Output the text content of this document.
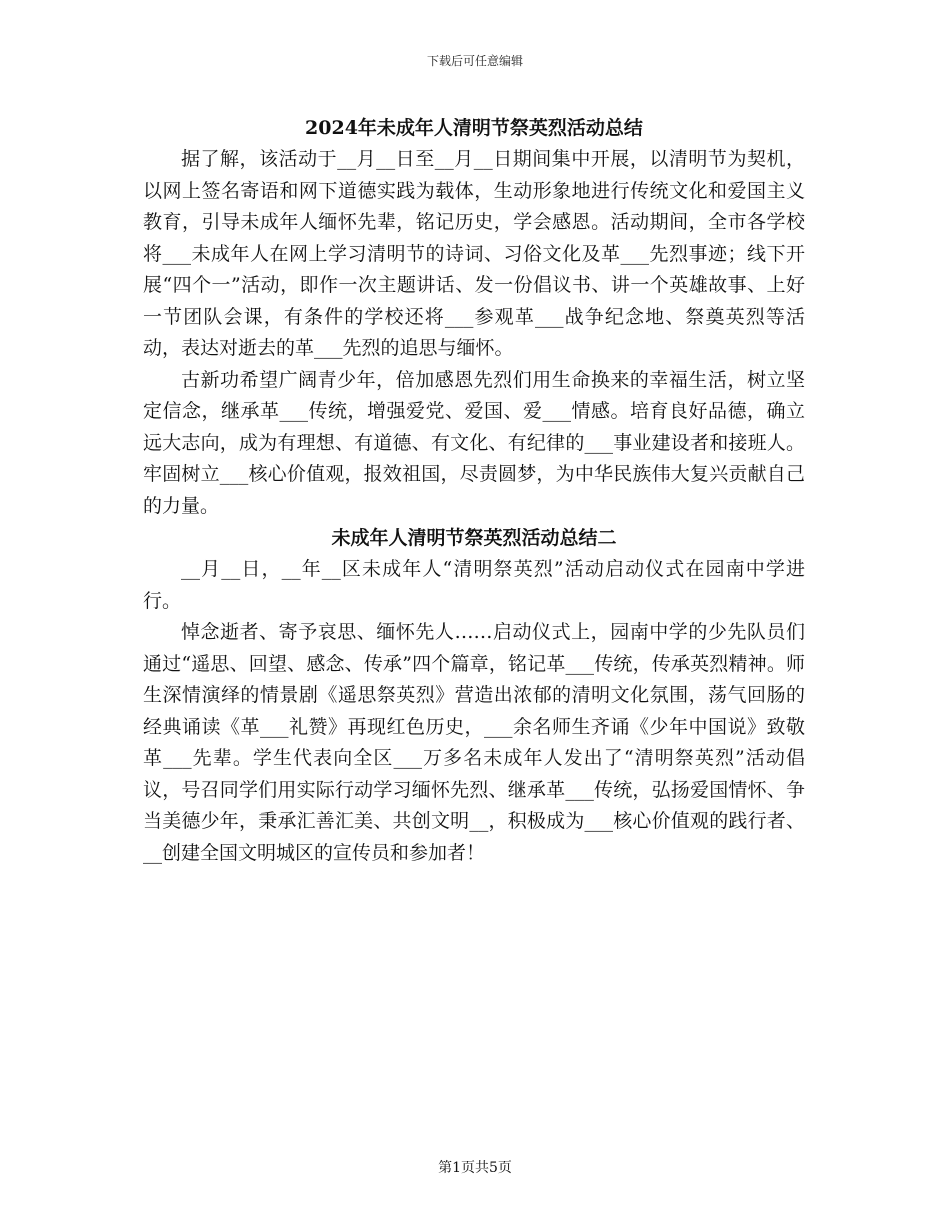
下载后可任意编辑
2024年未成年人清明节祭英烈活动总结

据了解，该活动于__月__日至__月__日期间集中开展，以清明节为契机，以网上签名寄语和网下道德实践为载体，生动形象地进行传统文化和爱国主义教育，引导未成年人缅怀先辈，铭记历史，学会感恩。活动期间，全市各学校将___未成年人在网上学习清明节的诗词、习俗文化及革___先烈事迹；线下开展“四个一”活动，即作一次主题讲话、发一份倡议书、讲一个英雄故事、上好一节团队会课，有条件的学校还将___参观革___战争纪念地、祭奠英烈等活动，表达对逝去的革___先烈的追思与缅怀。

古新功希望广阔青少年，倍加感恩先烈们用生命换来的幸福生活，树立坚定信念，继承革___传统，增强爱党、爱国、爱___情感。培育良好品德，确立远大志向，成为有理想、有道德、有文化、有纪律的___事业建设者和接班人。牢固树立___核心价值观，报效祖国，尽责圆梦，为中华民族伟大复兴贡献自己的力量。

未成年人清明节祭英烈活动总结二

__月__日，__年__区未成年人“清明祭英烈”活动启动仪式在园南中学进行。

悼念逝者、寄予哀思、缅怀先人……启动仪式上，园南中学的少先队员们通过“遥思、回望、感念、传承”四个篇章，铭记革___传统，传承英烈精神。师生深情演绎的情景剧《遥思祭英烈》营造出浓郁的清明文化氛围，荡气回肠的经典诵读《革___礼赞》再现红色历史，___余名师生齐诵《少年中国说》致敬革___先辈。学生代表向全区___万多名未成年人发出了“清明祭英烈”活动倡议，号召同学们用实际行动学习缅怀先烈、继承革___传统，弘扬爱国情怀、争当美德少年，秉承汇善汇美、共创文明__，积极成为___核心价值观的践行者、__创建全国文明城区的宣传员和参加者！

第1页共5页
